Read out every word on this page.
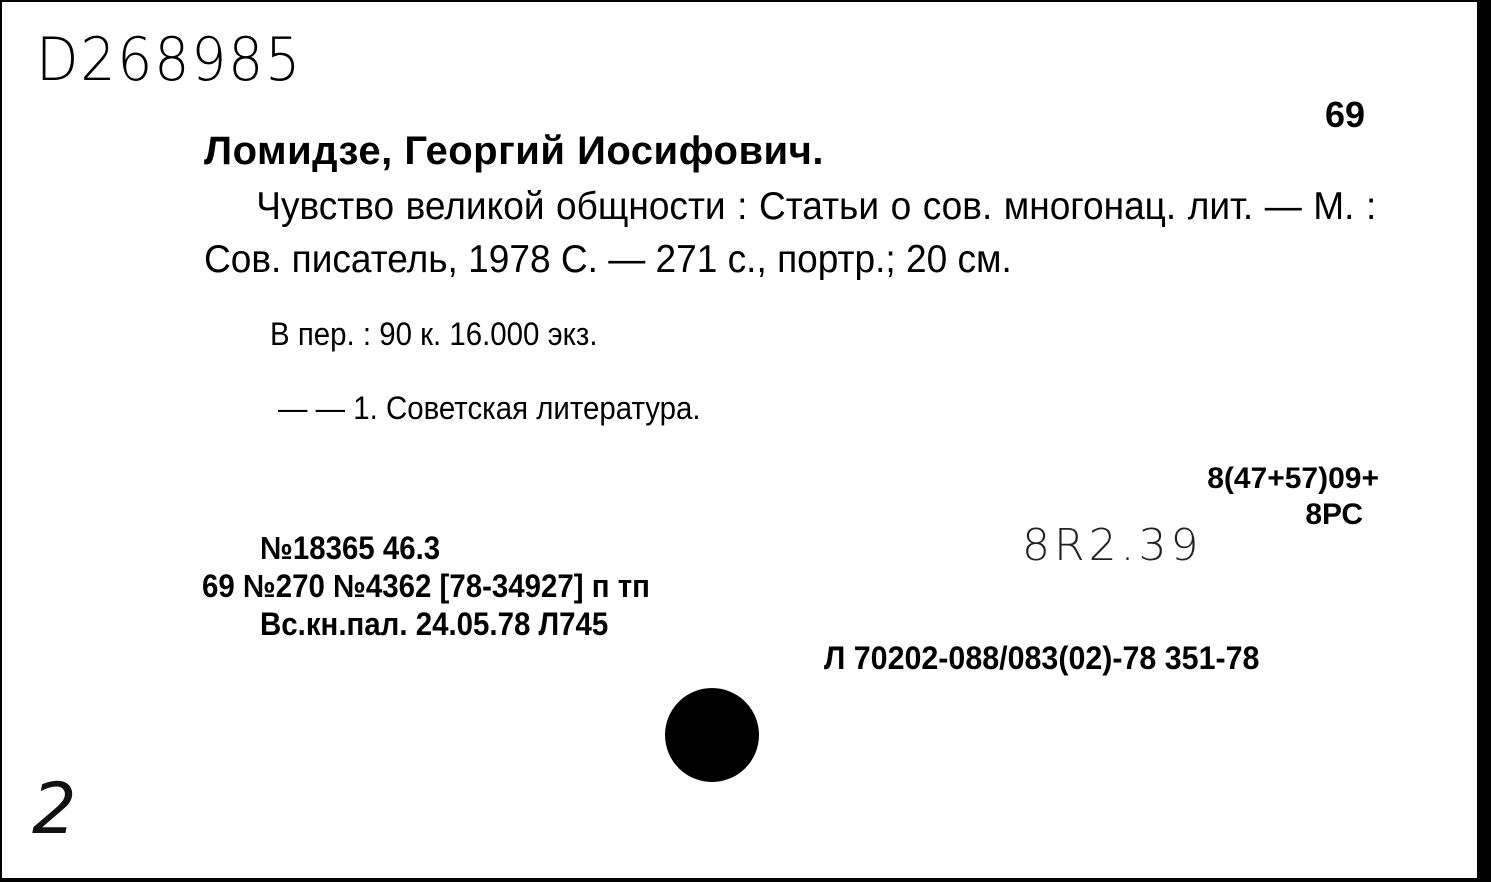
D268985
69
Ломидзе, Георгий Иосифович.
Чувство великой общности : Статьи о сов. многонац. лит. — М. : Сов. писатель, 1978 С. — 271 с., портр.; 20 см.
В пер. : 90 к. 16.000 экз.
— — 1. Советская литература.
8(47+57)09+
8РС
8R2.39
№18365 46.3
69 №270 №4362 [78-34927] п тп
Вс.кн.пал. 24.05.78 Л745
Л 70202-088/083(02)-78 351-78
2
